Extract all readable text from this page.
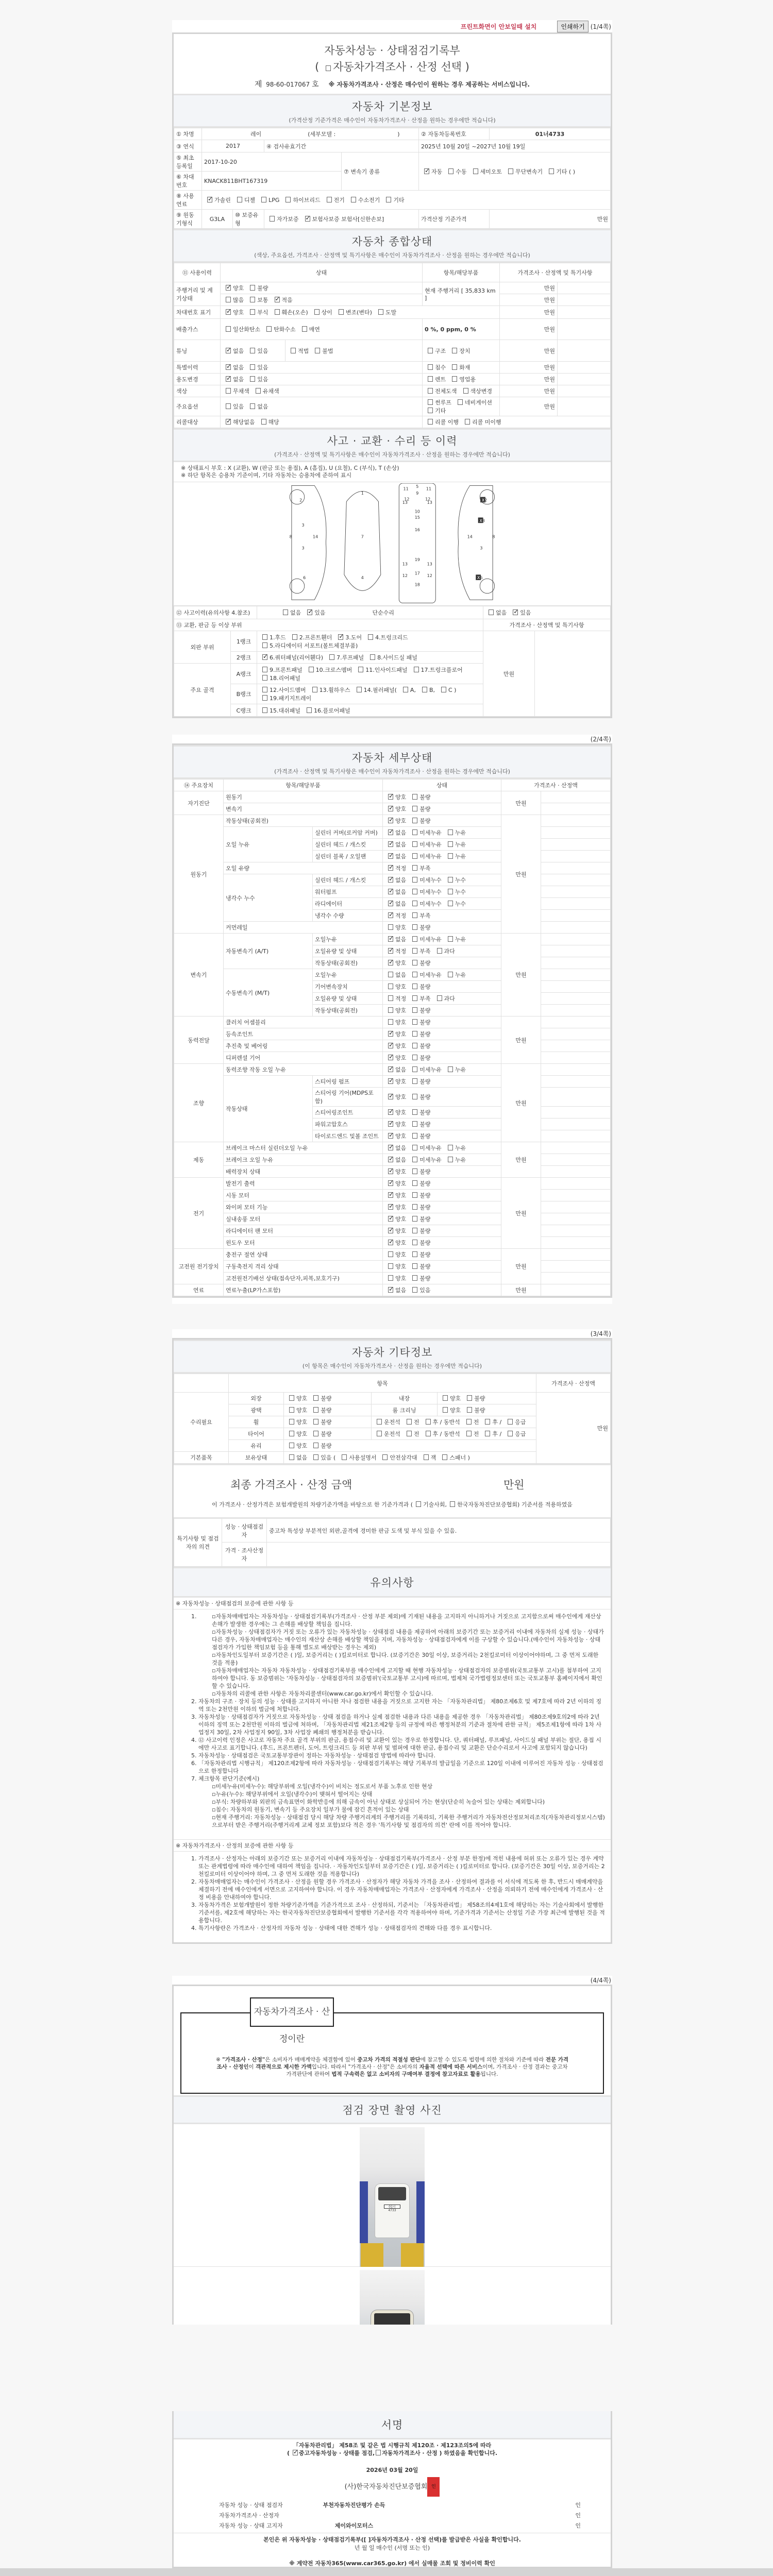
프린트화면이 안보일때 설치	인쇄하기 (1/4쪽)
자동차성능 · 상태점검기록부
( 자동차가격조사 · 산정 선택 )
제 98-60-017067 호 ※ 자동차가격조사 · 산정은 매수인이 원하는 경우 제공하는 서비스입니다.
자동차 기본정보
(가격산정 기준가격은 매수인이 자동차가격조사 · 산정을 원하는 경우에만 적습니다)
① 차명	레이 (세부모델 : )				② 자동차등록번호	01너4733
③ 연식	2017		④ 검사유효기간		2025년 10월 20일 ~2027년 10월 19일	
⑤ 최초등록일	2017-10-20			⑦ 변속기 종류	✓자동 수동 세미오토 무단변속기 기타 ( )
⑥ 차대번호	KNACK811BHT167319					
⑧ 사용연료	✓가솔린 디젤 LPG 하이브리드 전기 수소전기 기타
⑨ 원동기형식	G3LA	⑩ 보증유형	자가보증 ✓ 보험사보증 보험사[신한손보]		가격산정 기준가격	만원
자동차 종합상태
(색상, 주요옵션, 가격조사 · 산정액 및 특기사항은 매수인이 자동차가격조사 · 산정을 원하는 경우에만 적습니다)
⑪ 사용이력	상태		항목/해당부품	가격조사 · 산정액 및 특기사항	
주행거리 및 계기상태	✓양호 불량		현재 주행거리 [ 35,833 km ]	만원	
	많음 보통 ✓ 적음			만원	
차대번호 표기	✓양호 부식 훼손(오손) 상이 변조(변타) 도말			만원	
배출가스	일산화탄소 탄화수소 매연		0 %, 0 ppm, 0 %	만원	
튜닝	✓없음 있음	적법 불법	구조 장치	만원	
특별이력	✓없음 있음		침수 화재	만원	
용도변경	✓없음 있음		렌트 영업용	만원	
색상	무채색 유채색		전체도색 색상변경	만원	
주요옵션	있음 없음		썬루프 네비게이션기타	만원	
리콜대상	✓해당없음 해당		리콜 이행 리콜 미이행		
사고 · 교환 · 수리 등 이력
(가격조사 · 산정액 및 특기사항은 매수인이 자동차가격조사 · 산정을 원하는 경우에만 적습니다)
※ 상태표시 부호 : X (교환), W (판금 또는 용접), A (흠집), U (요철), C (부식), T (손상)
※ 하단 항목은 승용차 기준이며, 기타 자동차는 승용차에 준하여 표시
2
3
3
8	14
6
1
7
4
5
9
11	11
12	12
13	13
10
15
16
19
13	13
17
12	12
18
X 2
X 3
3
8
14
X 6
⑫ 사고이력(유의사항 4.참조)		없음 ✓ 있음 단순수리	없음 ✓ 있음
⑬ 교환, 판금 등 이상 부위			가격조사 · 산정액 및 특기사항	
외판 부위	1랭크	1.후드 2.프론트휀더 ✓ 3.도어 4.트렁크리드5.라디에이터 서포트(볼트체결부품)	만원	
	2랭크	✓6.쿼터패널(리어휀다) 7.루프패널 8.사이드실 패널
주요 골격	A랭크	9.프론트패널 10.크로스멤버 11.인사이드패널 17.트렁크플로어18.리어패널		
	B랭크	12.사이드멤버 13.휠하우스 14.필러패널( A, B, C )19.패키지트레이		
	C랭크	15.대쉬패널 16.플로어패널		
(2/4쪽)
자동차 세부상태
(가격조사 · 산정액 및 특기사항은 매수인이 자동차가격조사 · 산정을 원하는 경우에만 적습니다)
⑭ 주요장치	항목/해당부품		상태	가격조사 · 산정액	
자기진단	원동기	✓양호 불량	만원	
	변속기	✓양호 불량	
원동기	작동상태(공회전)	✓양호 불량	만원	
	오일 누유	실린더 커버(로커암 커버)	✓없음 미세누유 누유	
		실린더 헤드 / 개스킷	✓없음 미세누유 누유	
		실린더 블록 / 오일팬	✓없음 미세누유 누유	
	오일 유량	✓적정 부족	
	냉각수 누수	실린더 헤드 / 개스킷	✓없음 미세누수 누수	
		워터펌프	✓없음 미세누수 누수	
		라디에이터	✓없음 미세누수 누수	
		냉각수 수량	✓적정 부족	
	커먼레일		양호 불량		
변속기	자동변속기 (A/T)	오일누유	✓없음 미세누유 누유	만원	
		오일유량 및 상태	✓적정 부족 과다	
		작동상태(공회전)	✓양호 불량	
	수동변속기 (M/T)	오일누유	없음 미세누유 누유		
		기어변속장치	양호 불량		
		오일유량 및 상태	적정 부족 과다		
		작동상태(공회전)	양호 불량		
동력전달	클러치 어셈블리		양호 불량	만원	
	등속조인트	✓양호 불량	
	추진축 및 베어링	✓양호 불량	
	디퍼렌셜 기어	✓양호 불량	
조향	동력조향 작동 오일 누유	✓없음 미세누유 누유	만원	
	작동상태	스티어링 펌프	✓양호 불량	
		스티어링 기어(MDPS포함)	✓양호 불량	
		스티어링조인트	✓양호 불량	
		파워고압호스	✓양호 불량	
		타이로드엔드 및볼 조인트	✓양호 불량	
제동	브레이크 마스터 실린더오일 누유	✓없음 미세누유 누유	만원	
	브레이크 오일 누유	✓없음 미세누유 누유	
	배력장치 상태	✓양호 불량	
전기	발전기 출력	✓양호 불량	만원	
	시동 모터	✓양호 불량	
	와이퍼 모터 기능	✓양호 불량	
	실내송풍 모터	✓양호 불량	
	라디에이터 팬 모터	✓양호 불량	
	윈도우 모터	✓양호 불량	
고전원 전기장치	충전구 절연 상태		양호 불량	만원	
	구동축전지 격리 상태		양호 불량		
	고전원전기배선 상태(접속단자,피복,보호기구)		양호 불량		
연료	연료누출(LP가스포함)	✓없음 있음	만원	
(3/4쪽)
자동차 기타정보
(이 항목은 매수인이 자동차가격조사 · 산정을 원하는 경우에만 적습니다)
	항목				가격조사 · 산정액
수리필요	외장	양호 불량	내장	양호 불량	만원
	광택	양호 불량	룸 크리닝	양호 불량	
	휠	양호 불량	운전석 전 후 / 동반석 전 후 / 응급		
	타이어	양호 불량	운전석 전 후 / 동반석 전 후 / 응급		
	유리	양호 불량			
기본품목	보유상태	없음 있음 ( 사용설명서 안전삼각대 잭 스패너 )			
최종 가격조사 · 산정 금액	만원
이 가격조사 · 산정가격은 보험개발원의 차량기준가액을 바탕으로 한 기준가격과 ( 기술사회, 한국자동차진단보증협회) 기준서를 적용하였음
특기사항 및 점검자의 의견	성능 · 상태점검자	중고차 특성상 부분적인 외판,골격에 경미한 판금 도색 및 부식 있을 수 있음.
	가격 · 조사산정자	
유의사항
※ 자동차성능 · 상태점검의 보증에 관한 사항 등
▫ 1. 자동차매매업자는 자동차성능 · 상태점검기록부(가격조사 · 산정 부분 제외)에 기재된 내용을 고지하지 아니하거나 거짓으로 고지함으로써 매수인에게 재산상 손해가 발생한 경우에는 그 손해를 배상할 책임을 집니다.
▫ 자동차성능 · 상태점검자가 거짓 또는 오류가 있는 자동차성능 · 상태점검 내용을 제공하여 아래의 보증기간 또는 보증거리 이내에 자동차의 실제 성능 · 상태가 다른 경우, 자동차매매업자는 매수인의 재산상 손해를 배상할 책임을 지며, 자동차성능 · 상태점검자에게 이를 구상할 수 있습니다.(매수인이 자동차성능 · 상태점검자가 가입한 책임보험 등을 통해 별도로 배상받는 경우는 제외)
▫ 자동차인도일부터 보증기간은 ( )일, 보증거리는 ( )킬로미터로 합니다. (보증기간은 30일 이상, 보증거리는 2천킬로미터 이상이어야하며, 그 중 먼저 도래한 것을 적용)
▫ 자동차매매업자는 자동차 자동차성능 · 상태점검기록부를 매수인에게 고지할 때 현행 자동차성능 · 상태점검자의 보증범위(국토교통부 고시)를 첨부하여 고지하여야 합니다. 동 보증범위는 '자동차성능 · 상태점검자의 보증범위'(국토교통부 고시)에 따르며, 법제처 국가법령정보센터 또는 국토교통부 홈페이지에서 확인할 수 있습니다.
▫ 자동차의 리콜에 관한 사항은 자동차리콜센터(www.car.go.kr)에서 확인할 수 있습니다.
2. 자동차의 구조 · 장치 등의 성능 · 상태를 고지하지 아니한 자나 점검한 내용을 거짓으로 고지한 자는 「자동차관리법」 제80조제6호 및 제7호에 따라 2년 이하의 징역 또는 2천만원 이하의 벌금에 처합니다.
3. 자동차성능 · 상태점검자가 거짓으로 자동차성능 · 상태 점검을 하거나 실제 점검한 내용과 다른 내용을 제공한 경우 「자동차관리법」 제80조제9호의2에 따라 2년 이하의 징역 또는 2천만원 이하의 벌금에 처하며, 「자동차관리법 제21조제2항 등의 규정에 따른 행정처분의 기준과 절차에 관한 규칙」 제5조제1항에 따라 1차 사업정지 30일, 2차 사업정지 90일, 3차 사업장 폐쇄의 행정처분을 받습니다.
4. ⑫ 사고이력 인정은 사고로 자동차 주요 골격 부위의 판금, 용접수리 및 교환이 있는 경우로 한정합니다. 단, 쿼터패널, 루프패널, 사이드실 패널 부위는 절단, 용접 시에만 사고로 표기합니다. (후드, 프론트펜더, 도어, 트렁크리드 등 외판 부위 및 범퍼에 대한 판금, 용접수리 및 교환은 단순수리로서 사고에 포함되지 않습니다)
5. 자동차성능 · 상태점검은 국토교통부장관이 정하는 자동차성능 · 상태점검 방법에 따라야 합니다.
6. 「자동차관리법 시행규칙」 제120조제2항에 따라 자동차성능 · 상태점검기록부는 해당 기록부의 발급일을 기준으로 120일 이내에 이루어진 자동차 성능 · 상태점검으로 한정합니다
7. 체크항목 판단기준(예시)
▫ 미세누유(미세누수): 해당부위에 오일(냉각수)이 비치는 정도로서 부품 노후로 인한 현상
▫ 누유(누수): 해당부위에서 오일(냉각수)이 맺혀서 떨어지는 상태
▫ 부식: 차량하부와 외판의 금속표면이 화학반응에 의해 금속이 아닌 상태로 상실되어 가는 현상(단순히 녹슬어 있는 상태는 제외합니다)
▫ 침수: 자동차의 원동기, 변속기 등 주요장치 일부가 물에 잠긴 흔적이 있는 상태
▫ 현재 주행거리: 자동차성능 · 상태점검 당시 해당 차량 주행거리계의 주행거리를 기록하되, 기록한 주행거리가 자동차전산정보처리조직(자동차관리정보시스템)으로부터 받은 주행거리(주행거리계 교체 정보 포함)보다 적은 경우 '특기사항 및 점검자의 의견' 란에 이를 적어야 합니다.
※ 자동차가격조사 · 산정의 보증에 관한 사항 등
1. 가격조사 · 산정자는 아래의 보증기간 또는 보증거리 이내에 자동차성능 · 상태점검기록부(가격조사 · 산정 부분 한정)에 적힌 내용에 허위 또는 오류가 있는 경우 계약 또는 관계법령에 따라 매수인에 대하여 책임을 집니다. · 자동차인도일부터 보증기간은 ( )일, 보증거리는 ( )킬로미터로 합니다. (보증기간은 30일 이상, 보증거리는 2천킬로미터 이상이어야 하며, 그 중 먼저 도래한 것을 적용합니다)
2. 자동차매매업자는 매수인이 가격조사 · 산정을 원할 경우 가격조사 · 산정자가 해당 자동차 가격을 조사 · 산정하여 결과를 이 서식에 적도록 한 후, 반드시 매매계약을 체결하기 전에 매수인에게 서면으로 고지하여야 합니다. 이 경우 자동차매매업자는 가격조사 · 산정자에게 가격조사 · 산정을 의뢰하기 전에 매수인에게 가격조사 · 산정 비용을 안내하여야 합니다.
3. 자동차가격은 보험개발원이 정한 차량기준가액을 기준가격으로 조사 · 산정하되, 기준서는 「자동차관리법」 제58조의4제1호에 해당하는 자는 기술사회에서 발행한 기준서를, 제2호에 해당하는 자는 한국자동차진단보증협회에서 발행한 기준서를 각각 적용하여야 하며, 기준가격과 기준서는 산정일 기준 가장 최근에 발행된 것을 적용합니다.
4. 특기사항란은 가격조사 · 산정자의 자동차 성능 · 상태에 대한 견해가 성능 · 상태점검자의 견해와 다를 경우 표시합니다.
(4/4쪽)
자동차가격조사 · 산정이란
※ "가격조사 · 산정"은 소비자가 매매계약을 체결함에 있어 중고차 가격의 적절성 판단에 참고할 수 있도록 법령에 의한 절차와 기준에 따라 전문 가격조사 · 산정인이 객관적으로 제시한 가액입니다. 따라서 "가격조사 · 산정"은 소비자의 자율적 선택에 따른 서비스이며, 가격조사 · 산정 결과는 중고차 가격판단에 관하여 법적 구속력은 없고 소비자의 구매여부 결정에 참고자료로 활용됩니다.
점검 장면 촬영 사진
01너 4733
서명
「자동차관리법」 제58조 및 같은 법 시행규칙 제120조 · 제123조의5에 따라
( ✓중고자동차성능 · 상태를 점검, 자동차가격조사 · 산정 ) 하였음을 확인합니다.
2026년 03월 20일
(사)한국자동차진단보증협회 인
자동차 성능 · 상태 점검자	부천자동차진단평가 손득	인
자동차가격조사 · 산정자	인
자동차 성능 · 상태 고지자	제이와이모터스	인
본인은 위 자동차성능 · 상태점검기록부([ ]자동차가격조사 · 산정 선택)를 발급받은 사실을 확인합니다.
년 월 일 매수인 (서명 또는 인)
※ 계약전 자동차365(www.car365.go.kr) 에서 실매물 조회 및 정비이력 확인
